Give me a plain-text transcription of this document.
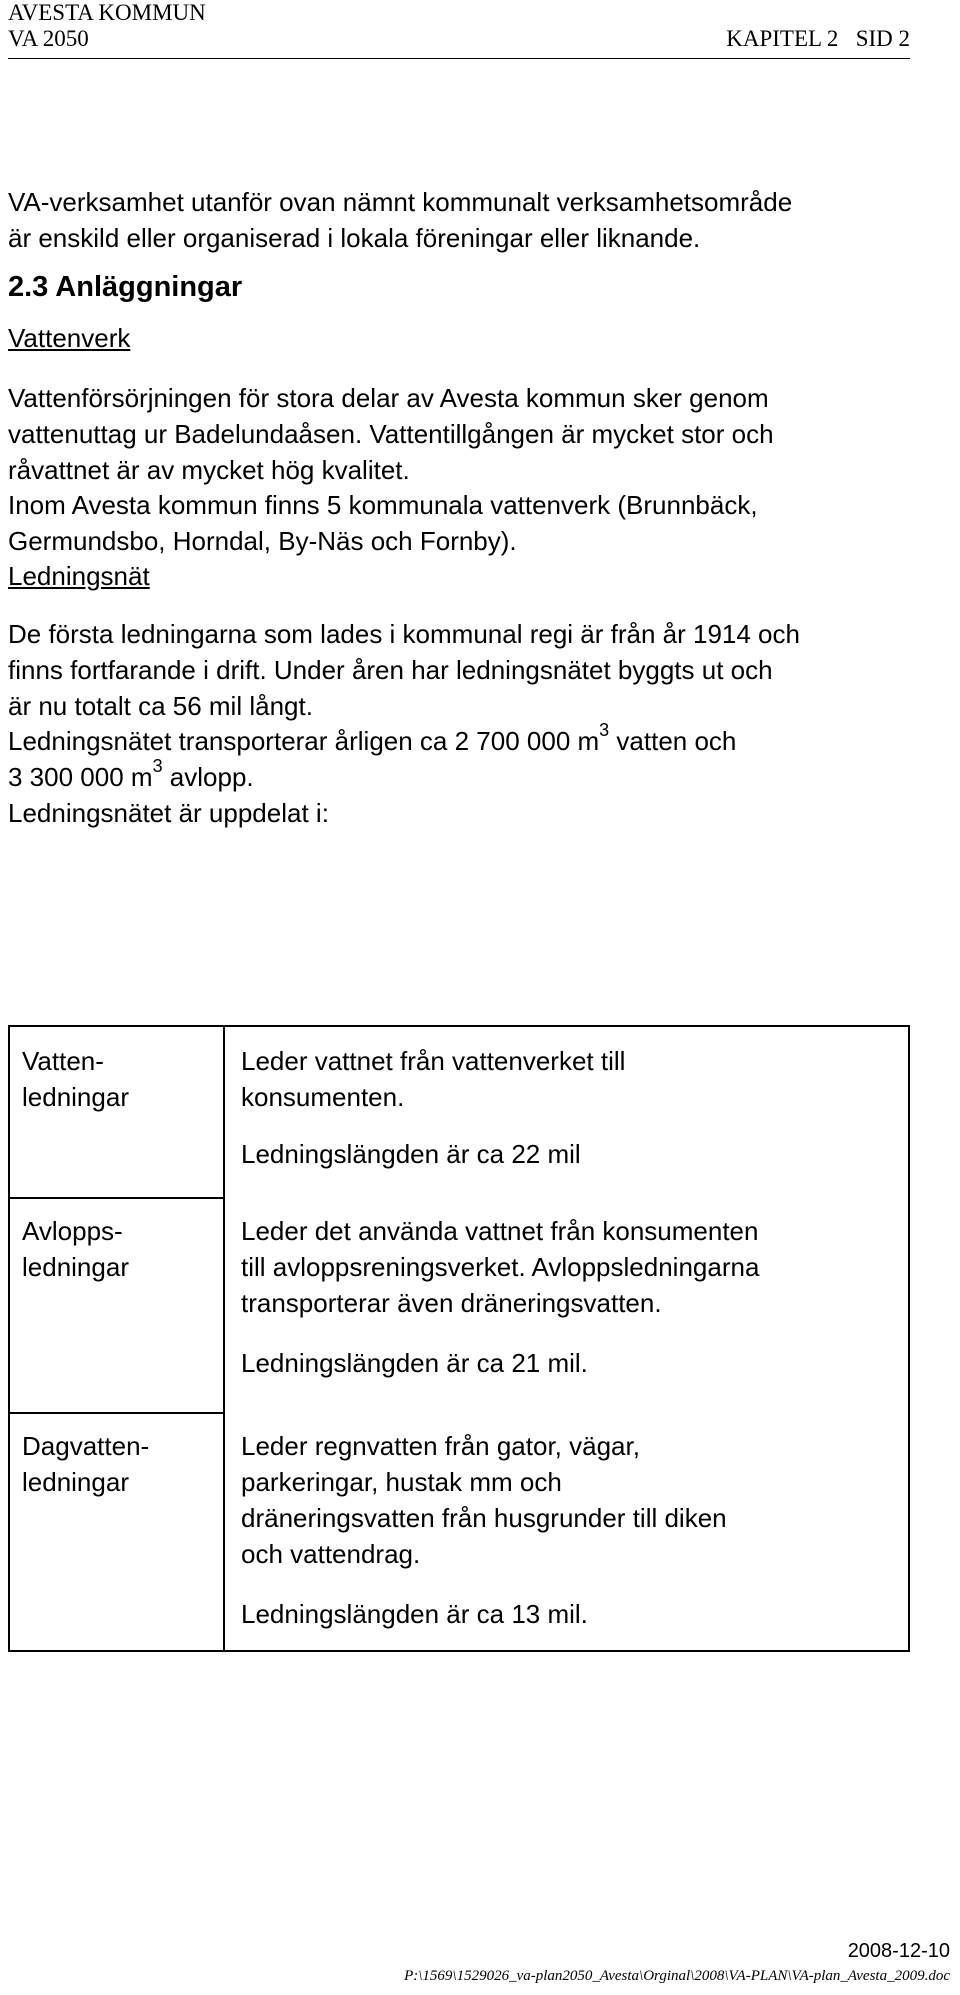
AVESTA KOMMUN
VA 2050	KAPITEL 2 SID 2
VA-verksamhet utanför ovan nämnt kommunalt verksamhetsområde
är enskild eller organiserad i lokala föreningar eller liknande.
2.3 Anläggningar
Vattenverk
Vattenförsörjningen för stora delar av Avesta kommun sker genom
vattenuttag ur Badelundaåsen. Vattentillgången är mycket stor och
råvattnet är av mycket hög kvalitet.
Inom Avesta kommun finns 5 kommunala vattenverk (Brunnbäck,
Germundsbo, Horndal, By-Näs och Fornby).
Ledningsnät
De första ledningarna som lades i kommunal regi är från år 1914 och
finns fortfarande i drift. Under åren har ledningsnätet byggts ut och
är nu totalt ca 56 mil långt.
Ledningsnätet transporterar årligen ca 2 700 000 $m^3$ vatten och
3 300 000 $m^3$ avlopp.
Ledningsnätet är uppdelat i:
Vatten-
ledningar
Leder vattnet från vattenverket till
konsumenten.
Ledningslängden är ca 22 mil
Avlopps-
ledningar
Leder det använda vattnet från konsumenten
till avloppsreningsverket. Avloppsledningarna
transporterar även dräneringsvatten.
Ledningslängden är ca 21 mil.
Dagvatten-
ledningar
Leder regnvatten från gator, vägar,
parkeringar, hustak mm och
dräneringsvatten från husgrunder till diken
och vattendrag.
Ledningslängden är ca 13 mil.
2008-12-10
P:\1569\1529026_va-plan2050_Avesta\Orginal\2008\VA-PLAN\VA-plan_Avesta_2009.doc
